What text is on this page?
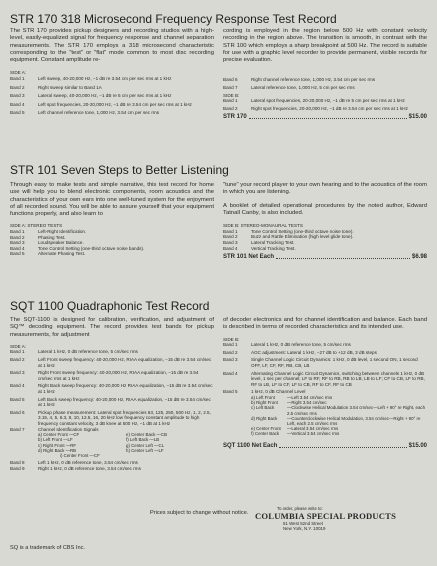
STR 170 318 Microsecond Frequency Response Test Record

The STR 170 provides pickup designers and recording studios with a high-level, easily-equalized signal for frequency response and channel separation measurements. The STR 170 employs a 318 microsecond characteristic corresponding to the "test" or "flat" mode common to most disc recording equipment. Constant amplitude re-

SIDE A:

Band 1	Left sweep, 40-20,000 Hz, −1 dB re 3.54 cm per sec rms at 1 kHz
Band 2	Right sweep similar to Band 1A
Band 3	Lateral sweep, 40-20,000 Hz, −1 dB re 5 cm per sec rms at 1 kHz
Band 4	Left spot frequencies, 20-20,000 Hz, −1 dB re 3.54 cm per sec rms at 1 kHz
Band 5	Left channel reference tone, 1,000 Hz, 3.54 cm per sec rms

cording is employed in the region below 500 Hz with constant velocity recording in the region above. The transition is smooth, in contrast with the STR 100 which employs a sharp breakpoint at 500 Hz. The record is suitable for use with a graphic level recorder to provide permanent, visible records for precise evaluation.

Band 6	Right channel reference tone, 1,000 Hz, 3.54 cm per sec rms
Band 7	Lateral reference tone, 1,000 Hz, 5 cm per sec rms

SIDE B:

Band 1	Lateral spot frequencies, 20-20,000 Hz, −1 dB re 5 cm per sec rms at 1 kHz
Band 2	Right spot frequencies, 20-20,000 Hz, −1 dB re 3.54 cm per sec rms at 1 kHz
STR 170	$15.00
STR 101 Seven Steps to Better Listening

Through easy to make tests and simple narrative, this test record for home use will help you to blend electronic components, room acoustics and the characteristics of your own ears into one well-tuned system for the enjoyment of all recorded sound. You will be able to assure yourself that your equipment functions properly, and also learn to

SIDE A: STEREO TESTS

Band 1	Left-Right Identification.
Band 2	Phasing Test.
Band 3	Loudspeaker Balance.
Band 4	Tone Control Setting (one-third octave noise bands).
Band 5	Alternate Phasing Test.

"tune" your record player to your own hearing and to the acoustics of the room in which you are listening.

A booklet of detailed operational procedures by the noted author, Edward Tatnall Canby, is also included.

SIDE B: STEREO-MONAURAL TESTS

Band 1	Tone Control Setting (one-third octave noise tone).
Band 2	Buzz and Rattle Elimination (high level glide tone).
Band 3	Lateral Tracking Test.
Band 4	Vertical Tracking Test.
STR 101 Net Each	$6.98
SQT 1100 Quadraphonic Test Record

The SQT-1100 is designed for calibration, verification, and adjustment of SQ™ decoding equipment. The record provides test bands for pickup measurements, for adjustment

SIDE A:

Band 1	Lateral 1 kHz, 0 dB reference tone, 5 cm/sec rms
Band 2	Left Front sweep frequency: 40-20,000 Hz, RIAA equalization, −15 dB re 3.54 cm/sec at 1 kHz
Band 3	Right Front sweep frequency: 40-20,000 Hz, RIAA equalization, −15 dB re 3.54 cm/sec rms at 1 kHz
Band 4	Right Back sweep frequency: 40-20,000 Hz RIAA equalization, −15 dB re 3.54 cm/sec at 1 kHz
Band 5	Left Back sweep frequency: 40-20,000 Hz, RIAA equalization, −15 dB re 3.54 cm/sec at 1 kHz
Band 6	Pickup phase measurement: Lateral spot frequencies 63, 125, 250, 500 Hz, 1, 2, 2.5, 3.15, 4, 5, 6.3, 8, 10, 12.5, 16, 20 kHz low frequency constant amplitude to high frequency constant velocity, 3 dB knee at 500 Hz, −1 dB at 1 kHz
Band 7	Channel Identification Signals
a) Center Front —CF	e) Center Back —CB
b) Left Front —LF	f) Left Back —LB
c) Right Front —RF	g) Center Left —CL
d) Right Back —RB	h) Center Left —LF
i) Center Front —CF
Band 8	Left 1 kHz, 0 dB reference tone, 3.54 cm/sec rms
Band 9	Right 1 kHz, 0 dB reference tone, 3.54 cm/sec rms

of decoder electronics and for channel identification and balance. Each band is described in terms of recorded characteristics and its intended use.

SIDE B:

Band 1	Lateral 1 kHz, 0 dB reference tone, 5 cm/sec rms
Band 2	AGC adjustment: Lateral 1 kHz, −27 dB to +12 dB, 3 dB steps
Band 3	Single Channel Logic Circuit Dynamics: 1 kHz, 0 dB level, 1 second ON, 1 second OFF, LF, CF, RF, RB, CB, LB
Band 4	Alternating Channel Logic Circuit Dynamics, switching between channels 1 kHz, 0 dB level, 1 sec per channel; LF to RF, RF to RB, RB to LB, LB to LF; CF to CB, LF to RB, RF to LB, LF to CF, LF to CB, RF to CF, RF to CB
Band 5	1 kHz, 0 dB Channel Level
a) Left Front	—Left 3.54 cm/sec rms
b) Right Front	—Right 3.54 cm/sec
c) Left Back	—Clockwise Helical Modulation 3.54 cm/sec—Left + 90° re Right, each 2.5 cm/sec rms
d) Right Back	—Counterclockwise Helical Modulation, 3.54 cm/sec—Right + 90° re Left, each 2.5 cm/sec rms
e) Center Front	—Lateral 3.54 cm/sec rms
f) Center Back	—Vertical 3.54 cm/sec rms
SQT 1100 Net Each	$15.00
Prices subject to change without notice.
SQ is a trademark of CBS Inc.
To order, please write to:
COLUMBIA SPECIAL PRODUCTS
51 West 52nd Street
New York, N.Y. 10019
